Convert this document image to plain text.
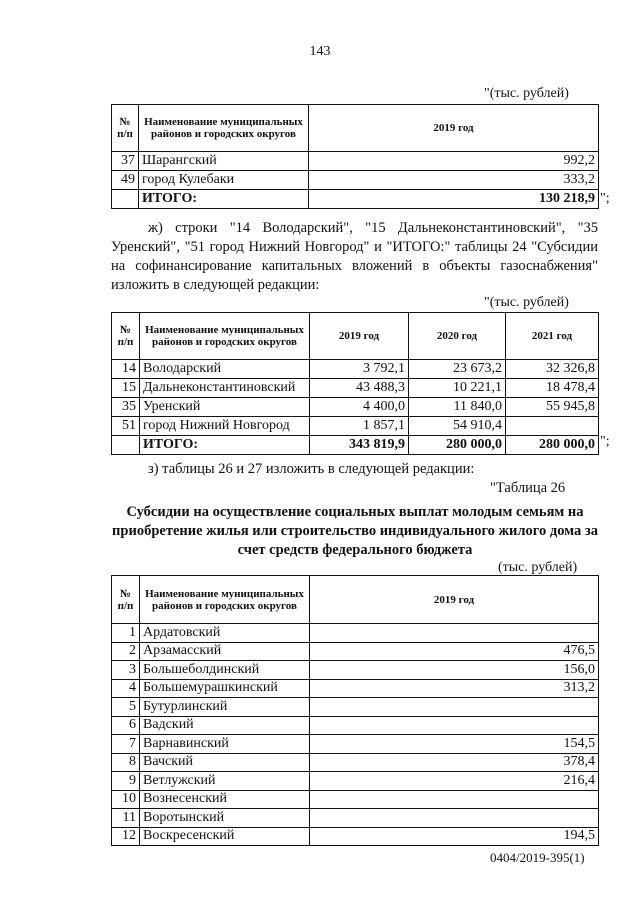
143
"(тыс. рублей)
№ п/п	Наименование муниципальных районов и городских округов	2019 год
37	Шарангский	992,2
49	город Кулебаки	333,2
	ИТОГО:	130 218,9 ";
ж) строки "14 Володарский", "15 Дальнеконстантиновский", "35 Уренский", "51 город Нижний Новгород" и "ИТОГО:" таблицы 24 "Субсидии на софинансирование капитальных вложений в объекты газоснабжения" изложить в следующей редакции:
"(тыс. рублей)
№ п/п	Наименование муниципальных районов и городских округов	2019 год	2020 год	2021 год
14	Володарский	3 792,1	23 673,2	32 326,8
15	Дальнеконстантиновский	43 488,3	10 221,1	18 478,4
35	Уренский	4 400,0	11 840,0	55 945,8
51	город Нижний Новгород	1 857,1	54 910,4	
	ИТОГО:	343 819,9	280 000,0	280 000,0 ";
з) таблицы 26 и 27 изложить в следующей редакции:
"Таблица 26
Субсидии на осуществление социальных выплат молодым семьям на приобретение жилья или строительство индивидуального жилого дома за счет средств федерального бюджета
(тыс. рублей)
№ п/п	Наименование муниципальных районов и городских округов	2019 год
1	Ардатовский	
2	Арзамасский	476,5
3	Большеболдинский	156,0
4	Большемурашкинский	313,2
5	Бутурлинский	
6	Вадский	
7	Варнавинский	154,5
8	Вачский	378,4
9	Ветлужский	216,4
10	Вознесенский	
11	Воротынский	
12	Воскресенский	194,5
0404/2019-395(1)
